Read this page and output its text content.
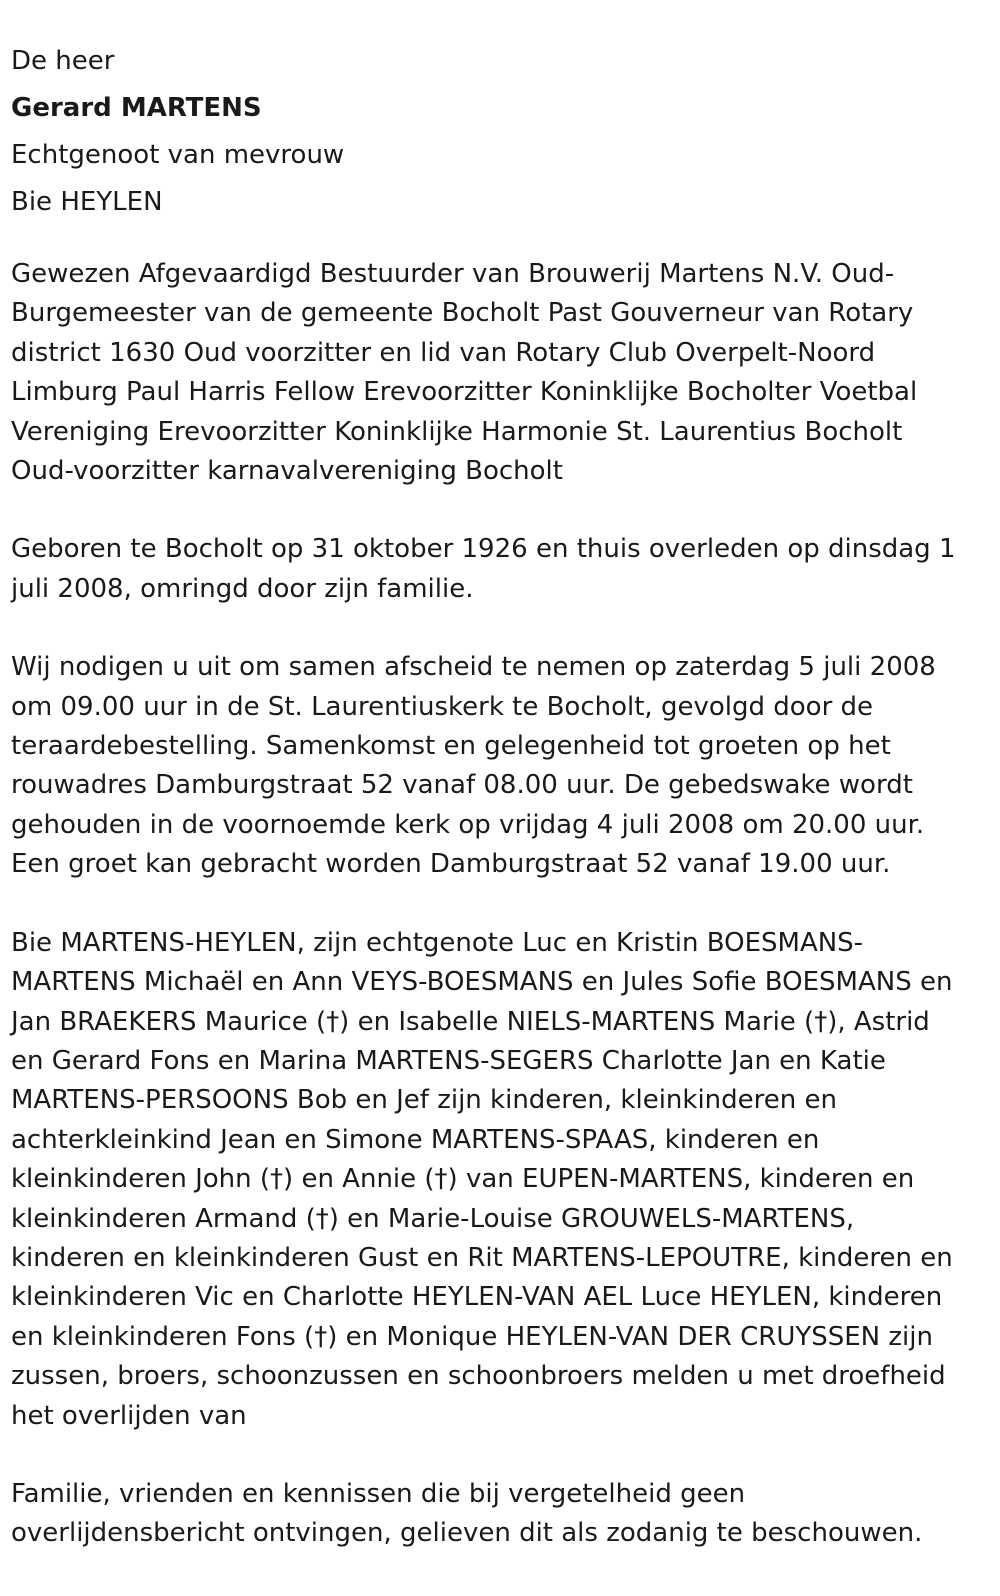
De heer

Gerard MARTENS

Echtgenoot van mevrouw

Bie HEYLEN

Gewezen Afgevaardigd Bestuurder van Brouwerij Martens N.V. Oud-Burgemeester van de gemeente Bocholt Past Gouverneur van Rotary district 1630 Oud voorzitter en lid van Rotary Club Overpelt-Noord Limburg Paul Harris Fellow Erevoorzitter Koninklijke Bocholter Voetbal Vereniging Erevoorzitter Koninklijke Harmonie St. Laurentius Bocholt Oud-voorzitter karnavalvereniging Bocholt

Geboren te Bocholt op 31 oktober 1926 en thuis overleden op dinsdag 1 juli 2008, omringd door zijn familie.

Wij nodigen u uit om samen afscheid te nemen op zaterdag 5 juli 2008 om 09.00 uur in de St. Laurentiuskerk te Bocholt, gevolgd door de teraardebestelling. Samenkomst en gelegenheid tot groeten op het rouwadres Damburgstraat 52 vanaf 08.00 uur. De gebedswake wordt gehouden in de voornoemde kerk op vrijdag 4 juli 2008 om 20.00 uur. Een groet kan gebracht worden Damburgstraat 52 vanaf 19.00 uur.

Bie MARTENS-HEYLEN, zijn echtgenote Luc en Kristin BOESMANS-MARTENS Michaël en Ann VEYS-BOESMANS en Jules Sofie BOESMANS en Jan BRAEKERS Maurice (†) en Isabelle NIELS-MARTENS Marie (†), Astrid en Gerard Fons en Marina MARTENS-SEGERS Charlotte Jan en Katie MARTENS-PERSOONS Bob en Jef zijn kinderen, kleinkinderen en achterkleinkind Jean en Simone MARTENS-SPAAS, kinderen en kleinkinderen John (†) en Annie (†) van EUPEN-MARTENS, kinderen en kleinkinderen Armand (†) en Marie-Louise GROUWELS-MARTENS, kinderen en kleinkinderen Gust en Rit MARTENS-LEPOUTRE, kinderen en kleinkinderen Vic en Charlotte HEYLEN-VAN AEL Luce HEYLEN, kinderen en kleinkinderen Fons (†) en Monique HEYLEN-VAN DER CRUYSSEN zijn zussen, broers, schoonzussen en schoonbroers melden u met droefheid het overlijden van

Familie, vrienden en kennissen die bij vergetelheid geen overlijdensbericht ontvingen, gelieven dit als zodanig te beschouwen.
